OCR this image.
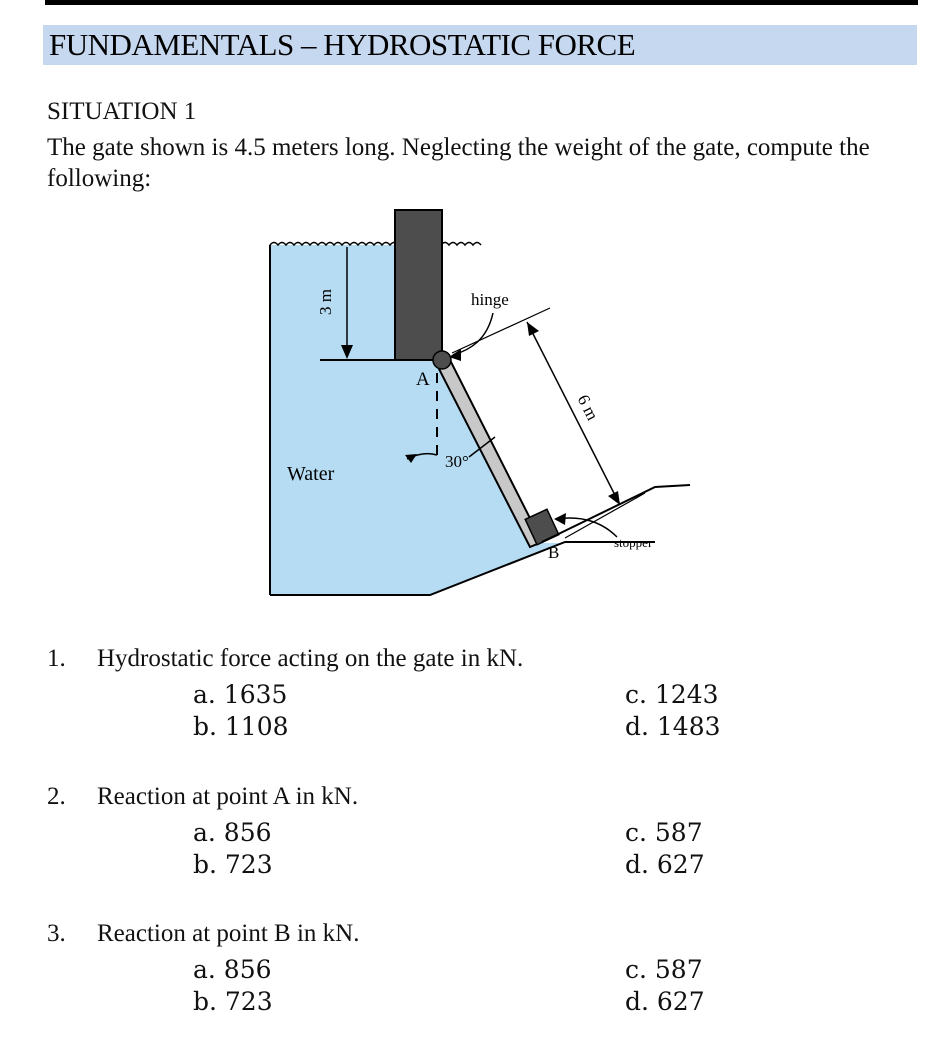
FUNDAMENTALS – HYDROSTATIC FORCE
SITUATION 1
The gate shown is 4.5 meters long. Neglecting the weight of the gate, compute the following:
3 m
A
30°
hinge
6 m
Water
B
stopper
1. Hydrostatic force acting on the gate in kN.
a. 1635
b. 1108
c. 1243
d. 1483
2. Reaction at point A in kN.
a. 856
b. 723
c. 587
d. 627
3. Reaction at point B in kN.
a. 856
b. 723
c. 587
d. 627
